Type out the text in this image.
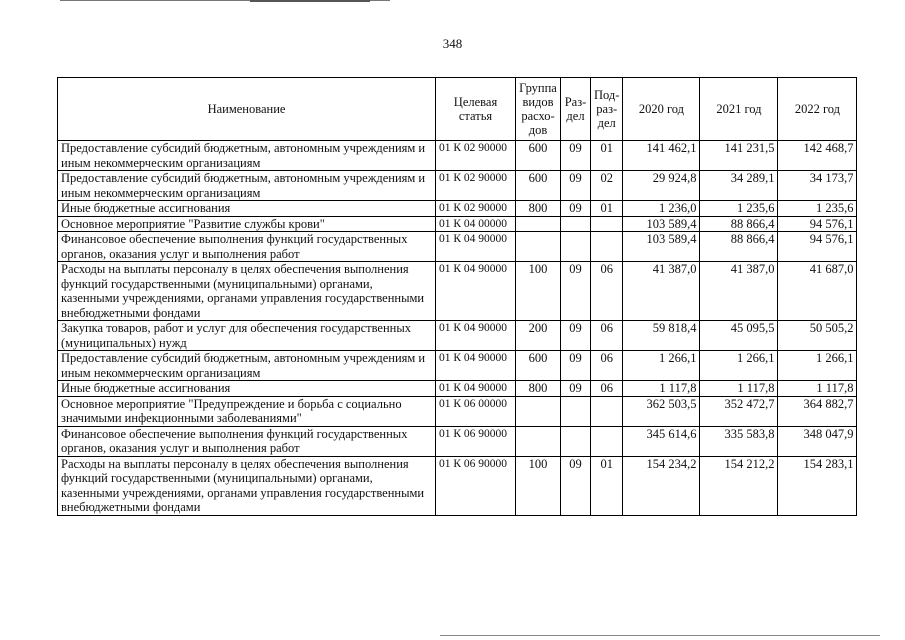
348
Наименование	Целевая статья	Группа видов расхо-дов	Раз-дел	Под-раз-дел	2020 год	2021 год	2022 год
Предоставление субсидий бюджетным, автономным учреждениям и иным некоммерческим организациям	01 К 02 90000	600	09	01	141 462,1	141 231,5	142 468,7
Предоставление субсидий бюджетным, автономным учреждениям и иным некоммерческим организациям	01 К 02 90000	600	09	02	29 924,8	34 289,1	34 173,7
Иные бюджетные ассигнования	01 К 02 90000	800	09	01	1 236,0	1 235,6	1 235,6
Основное мероприятие "Развитие службы крови"	01 К 04 00000				103 589,4	88 866,4	94 576,1
Финансовое обеспечение выполнения функций государственных органов, оказания услуг и выполнения работ	01 К 04 90000				103 589,4	88 866,4	94 576,1
Расходы на выплаты персоналу в целях обеспечения выполнения функций государственными (муниципальными) органами, казенными учреждениями, органами управления государственными внебюджетными фондами	01 К 04 90000	100	09	06	41 387,0	41 387,0	41 687,0
Закупка товаров, работ и услуг для обеспечения государственных (муниципальных) нужд	01 К 04 90000	200	09	06	59 818,4	45 095,5	50 505,2
Предоставление субсидий бюджетным, автономным учреждениям и иным некоммерческим организациям	01 К 04 90000	600	09	06	1 266,1	1 266,1	1 266,1
Иные бюджетные ассигнования	01 К 04 90000	800	09	06	1 117,8	1 117,8	1 117,8
Основное мероприятие "Предупреждение и борьба с социально значимыми инфекционными заболеваниями"	01 К 06 00000				362 503,5	352 472,7	364 882,7
Финансовое обеспечение выполнения функций государственных органов, оказания услуг и выполнения работ	01 К 06 90000				345 614,6	335 583,8	348 047,9
Расходы на выплаты персоналу в целях обеспечения выполнения функций государственными (муниципальными) органами, казенными учреждениями, органами управления государственными внебюджетными фондами	01 К 06 90000	100	09	01	154 234,2	154 212,2	154 283,1
